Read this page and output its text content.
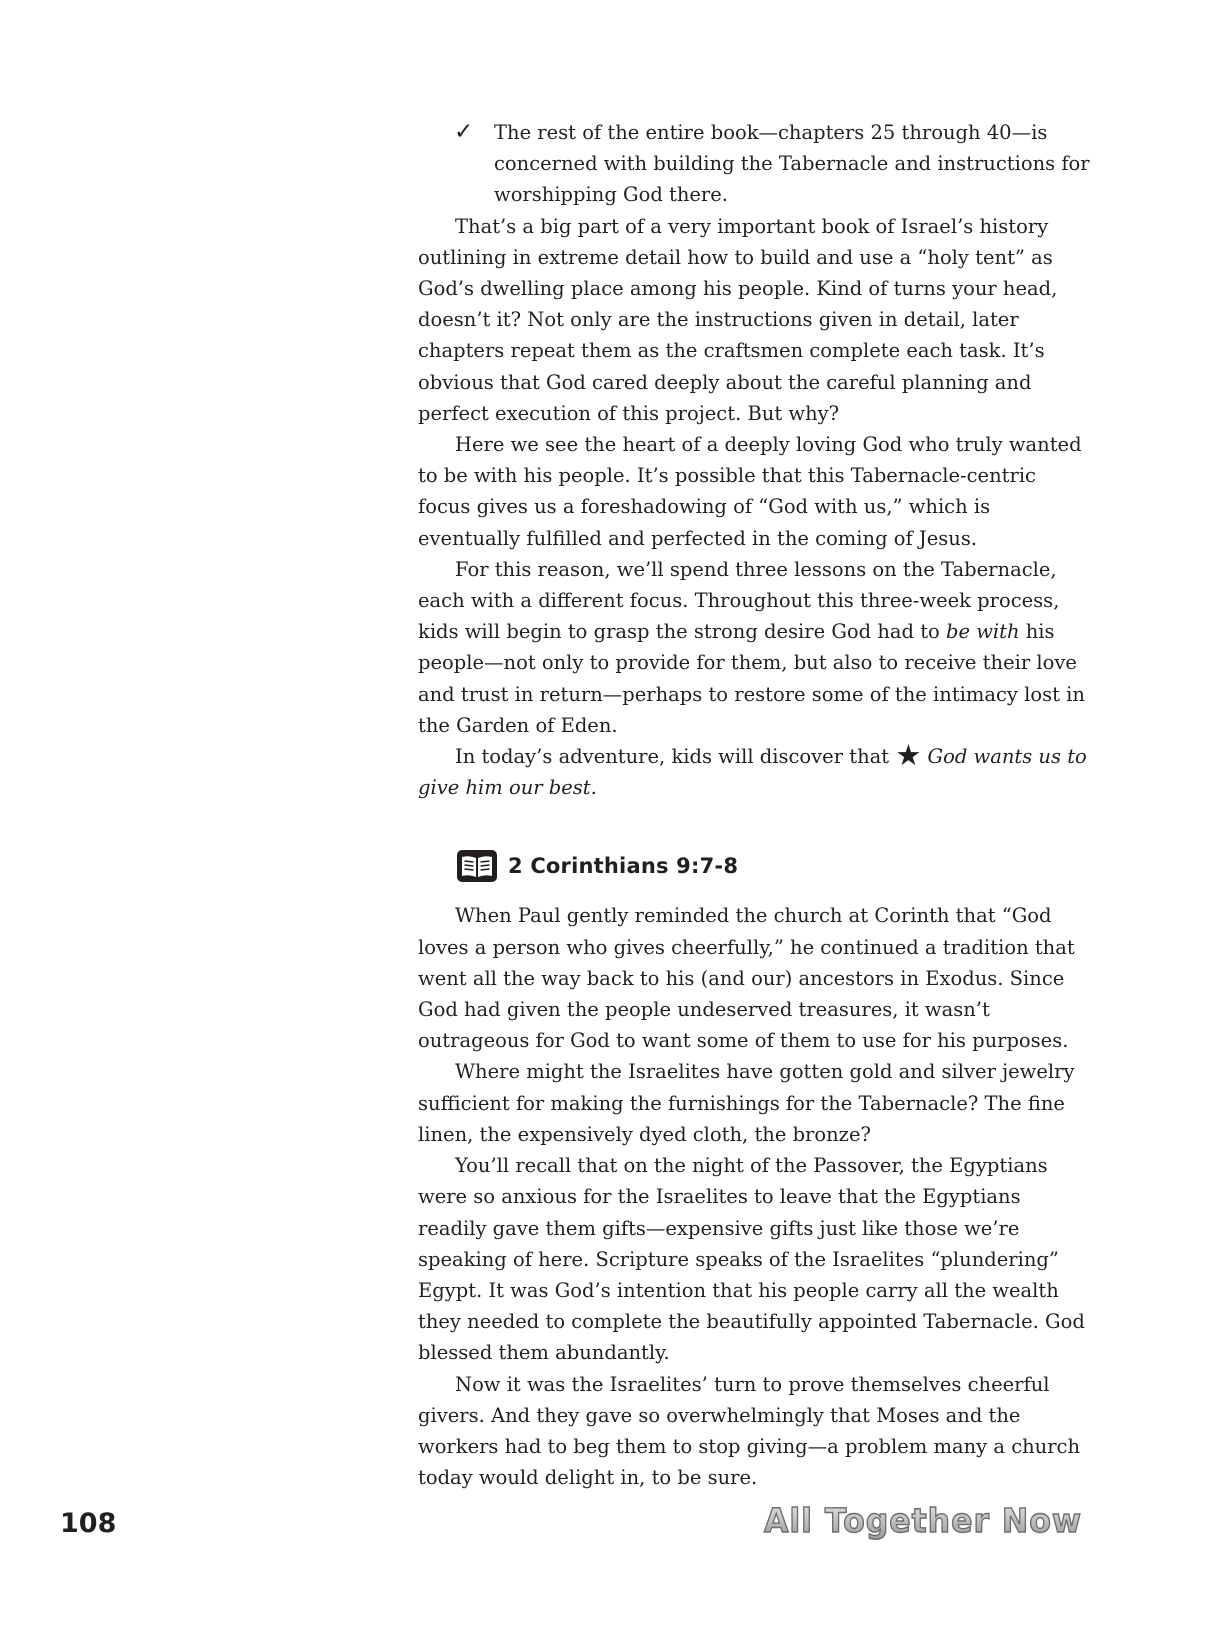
✓ The rest of the entire book—chapters 25 through 40—is concerned with building the Tabernacle and instructions for worshipping God there.

That’s a big part of a very important book of Israel’s history outlining in extreme detail how to build and use a “holy tent” as God’s dwelling place among his people. Kind of turns your head, doesn’t it? Not only are the instructions given in detail, later chapters repeat them as the craftsmen complete each task. It’s obvious that God cared deeply about the careful planning and perfect execution of this project. But why?

Here we see the heart of a deeply loving God who truly wanted to be with his people. It’s possible that this Tabernacle-centric focus gives us a foreshadowing of “God with us,” which is eventually fulfilled and perfected in the coming of Jesus.

For this reason, we’ll spend three lessons on the Tabernacle, each with a different focus. Throughout this three-week process, kids will begin to grasp the strong desire God had to be with his people—not only to provide for them, but also to receive their love and trust in return—perhaps to restore some of the intimacy lost in the Garden of Eden.

In today’s adventure, kids will discover that ★ God wants us to give him our best.

2 Corinthians 9:7-8

When Paul gently reminded the church at Corinth that “God loves a person who gives cheerfully,” he continued a tradition that went all the way back to his (and our) ancestors in Exodus. Since God had given the people undeserved treasures, it wasn’t outrageous for God to want some of them to use for his purposes.

Where might the Israelites have gotten gold and silver jewelry sufficient for making the furnishings for the Tabernacle? The fine linen, the expensively dyed cloth, the bronze?

You’ll recall that on the night of the Passover, the Egyptians were so anxious for the Israelites to leave that the Egyptians readily gave them gifts—expensive gifts just like those we’re speaking of here. Scripture speaks of the Israelites “plundering” Egypt. It was God’s intention that his people carry all the wealth they needed to complete the beautifully appointed Tabernacle. God blessed them abundantly.

Now it was the Israelites’ turn to prove themselves cheerful givers. And they gave so overwhelmingly that Moses and the workers had to beg them to stop giving—a problem many a church today would delight in, to be sure.

108	All Together Now
